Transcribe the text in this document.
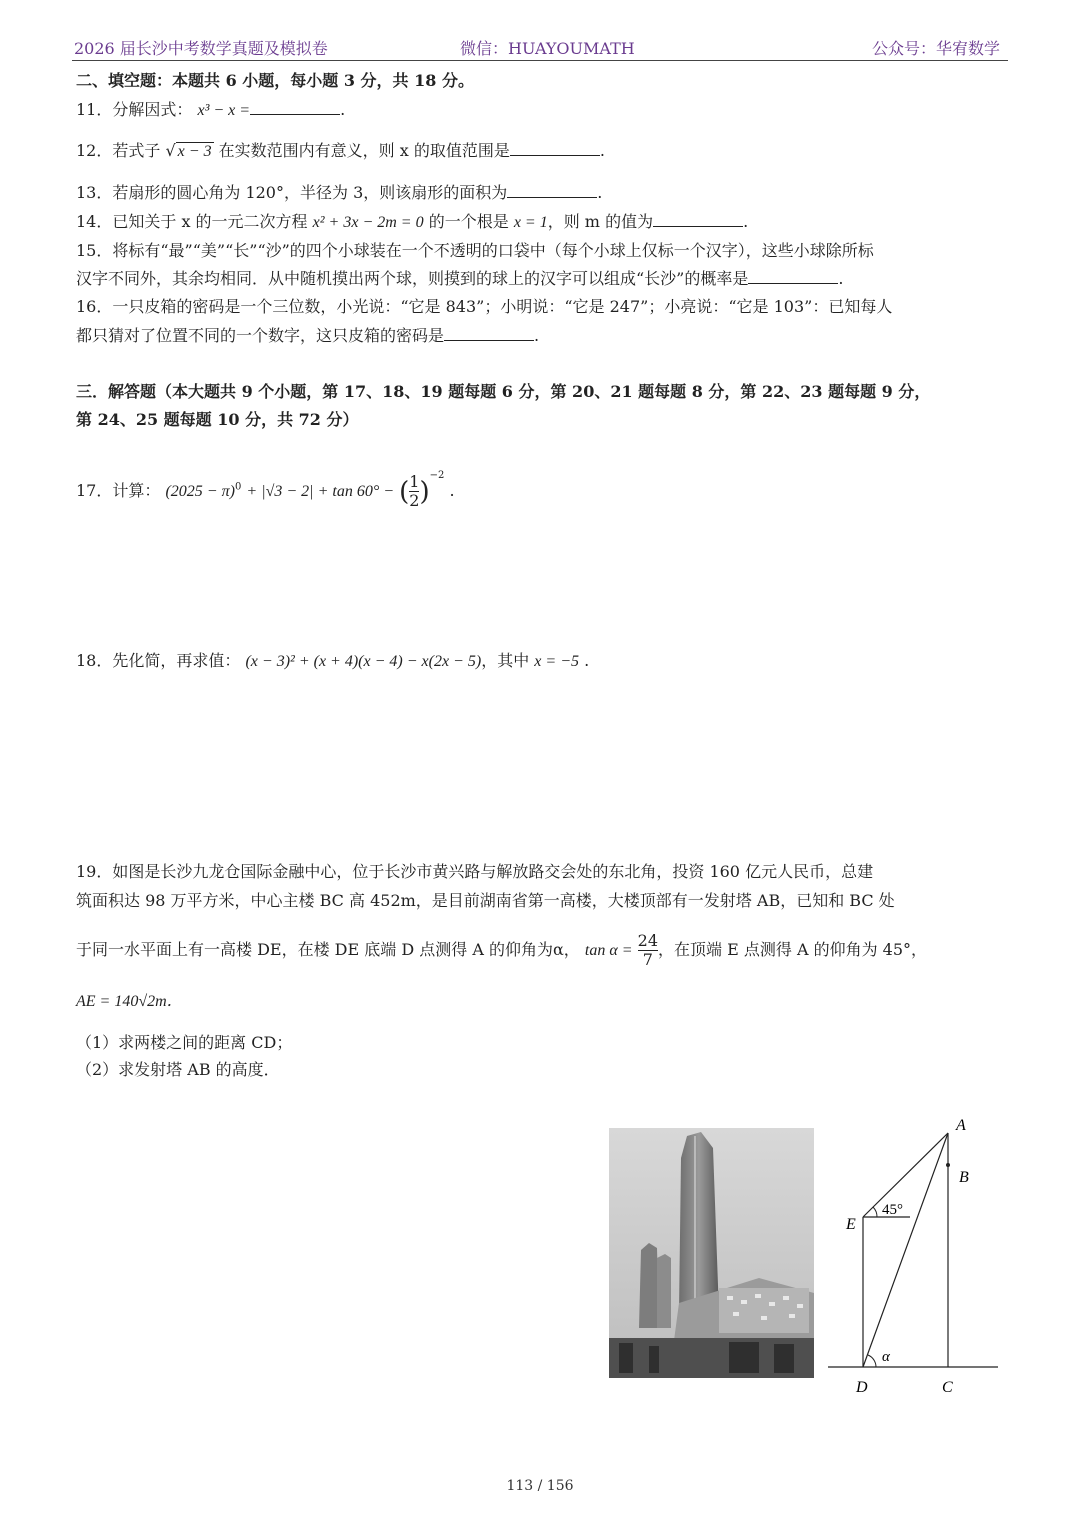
2026 届长沙中考数学真题及模拟卷	微信：HUAYOUMATH	公众号：华宥数学
二、填空题：本题共 6 小题，每小题 3 分，共 18 分。
11．分解因式： x³ − x =	.
12．若式子 √ x − 3 在实数范围内有意义，则 x 的取值范围是	.
13．若扇形的圆心角为 120°，半径为 3，则该扇形的面积为	.
14．已知关于 x 的一元二次方程 x² + 3x − 2m = 0 的一个根是 x = 1，则 m 的值为	.
15．将标有“最”“美”“长”“沙”的四个小球装在一个不透明的口袋中（每个小球上仅标一个汉字），这些小球除所标
汉字不同外，其余均相同．从中随机摸出两个球，则摸到的球上的汉字可以组成“长沙”的概率是	.
16．一只皮箱的密码是一个三位数，小光说：“它是 843”；小明说：“它是 247”；小亮说：“它是 103”：已知每人
都只猜对了位置不同的一个数字，这只皮箱的密码是	.
三．解答题（本大题共 9 个小题，第 17、18、19 题每题 6 分，第 20、21 题每题 8 分，第 22、23 题每题 9 分，
第 24、25 题每题 10 分，共 72 分）
17．计算： $(2025 - \pi)^0 + |√3 - 2| + \tan 60^\circ$ − ( $\frac{1}{2} )^{-2}$ .
18．先化简，再求值： (x − 3)² + (x + 4)(x − 4) − x(2x − 5)，其中 x = −5 .
19．如图是长沙九龙仓国际金融中心，位于长沙市黄兴路与解放路交会处的东北角，投资 160 亿元人民币，总建
筑面积达 98 万平方米，中心主楼 BC 高 452m，是目前湖南省第一高楼，大楼顶部有一发射塔 AB，已知和 BC 处
于同一水平面上有一高楼 DE，在楼 DE 底端 D 点测得 A 的仰角为α， $\tan \alpha = \frac{24}{7}$ ，在顶端 E 点测得 A 的仰角为 45°，
AE = 140√2m．
（1）求两楼之间的距离 CD；
（2）求发射塔 AB 的高度．
A
B
E
D	C
45°
α
113 / 156
